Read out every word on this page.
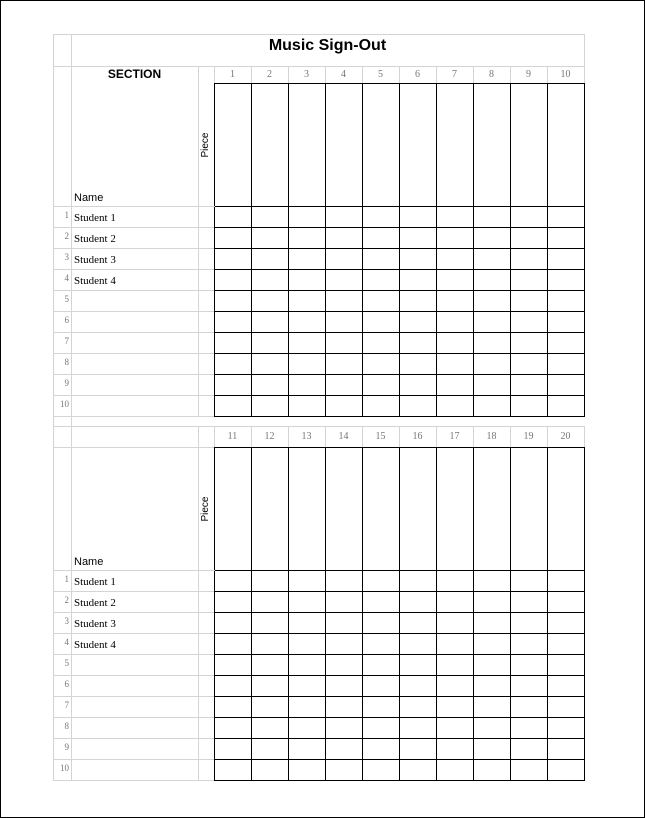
Music Sign-Out
SECTION	1	2	3	4	5	6	7	8	9	10
Piece
Name
1 Student 1
2 Student 2
3 Student 3
4 Student 4
5
6
7
8
9
10
11	12	13	14	15	16	17	18	19	20
Piece
Name
1 Student 1
2 Student 2
3 Student 3
4 Student 4
5
6
7
8
9
10
